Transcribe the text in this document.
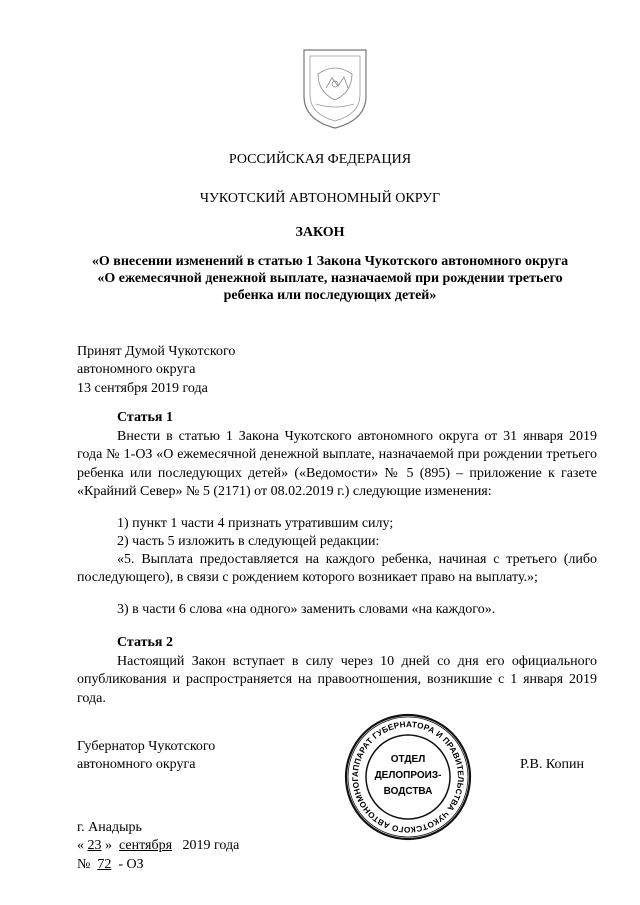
РОССИЙСКАЯ ФЕДЕРАЦИЯ
ЧУКОТСКИЙ АВТОНОМНЫЙ ОКРУГ
ЗАКОН
«О внесении изменений в статью 1 Закона Чукотского автономного округа
«О ежемесячной денежной выплате, назначаемой при рождении третьего
ребенка или последующих детей»
Принят Думой Чукотского
автономного округа
13 сентября 2019 года
Статья 1
Внести в статью 1 Закона Чукотского автономного округа от 31 января 2019 года № 1-ОЗ «О ежемесячной денежной выплате, назначаемой при рождении третьего ребенка или последующих детей» («Ведомости» № 5 (895) – приложение к газете «Крайний Север» № 5 (2171) от 08.02.2019 г.) следующие изменения:
1) пункт 1 части 4 признать утратившим силу;
2) часть 5 изложить в следующей редакции:
«5. Выплата предоставляется на каждого ребенка, начиная с третьего (либо последующего), в связи с рождением которого возникает право на выплату.»;
3) в части 6 слова «на одного» заменить словами «на каждого».
Статья 2
Настоящий Закон вступает в силу через 10 дней со дня его официального опубликования и распространяется на правоотношения, возникшие с 1 января 2019 года.
Губернатор Чукотского
автономного округа	Р.В. Копин
АППАРАТ ГУБЕРНАТОРА И ПРАВИТЕЛЬСТВА ЧУКОТСКОГО АВТОНОМНОГ
ОТДЕЛ
ДЕЛОПРОИЗ-
ВОДСТВА
г. Анадырь
« 23 » сентября 2019 года
№ 72 - ОЗ
